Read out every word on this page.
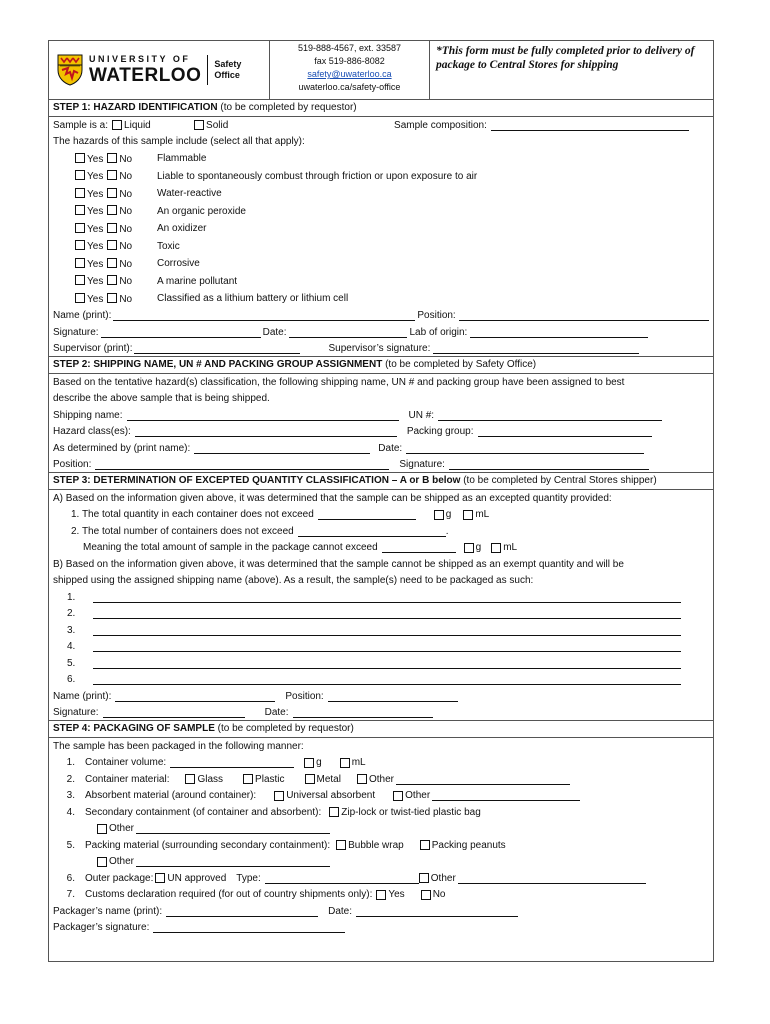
UNIVERSITY OF
WATERLOO
Safety
Office
519-888-4567, ext. 33587
fax 519-886-8082
safety@uwaterloo.ca
uwaterloo.ca/safety-office
*This form must be fully completed prior to delivery of package to Central Stores for shipping
STEP 1: HAZARD IDENTIFICATION (to be completed by requestor)
Sample is a: Liquid	Solid	Sample composition:
The hazards of this sample include (select all that apply):
Yes No	Flammable
Yes No	Liable to spontaneously combust through friction or upon exposure to air
Yes No	Water-reactive
Yes No	An organic peroxide
Yes No	An oxidizer
Yes No	Toxic
Yes No	Corrosive
Yes No	A marine pollutant
Yes No	Classified as a lithium battery or lithium cell
Name (print):	Position:
Signature:	Date:	Lab of origin:
Supervisor (print):	Supervisor’s signature:
STEP 2: SHIPPING NAME, UN # AND PACKING GROUP ASSIGNMENT (to be completed by Safety Office)
Based on the tentative hazard(s) classification, the following shipping name, UN # and packing group have been assigned to best
describe the above sample that is being shipped.
Shipping name:	UN #:
Hazard class(es):	Packing group:
As determined by (print name):	Date:
Position:	Signature:
STEP 3: DETERMINATION OF EXCEPTED QUANTITY CLASSIFICATION – A or B below (to be completed by Central Stores shipper)
A) Based on the information given above, it was determined that the sample can be shipped as an excepted quantity provided:
1. The total quantity in each container does not exceed	g mL
2. The total number of containers does not exceed	.
Meaning the total amount of sample in the package cannot exceed	g mL
B) Based on the information given above, it was determined that the sample cannot be shipped as an exempt quantity and will be
shipped using the assigned shipping name (above). As a result, the sample(s) need to be packaged as such:
1.
2.
3.
4.
5.
6.
Name (print):	Position:
Signature:	Date:
STEP 4: PACKAGING OF SAMPLE (to be completed by requestor)
The sample has been packaged in the following manner:
1. Container volume:	g	mL
2. Container material:	Glass	Plastic	Metal	Other
3. Absorbent material (around container):	Universal absorbent	Other
4. Secondary containment (of container and absorbent): Zip-lock or twist-tied plastic bag
Other
5. Packing material (surrounding secondary containment): Bubble wrap	Packing peanuts
Other
6. Outer package: UN approved Type:	Other
7. Customs declaration required (for out of country shipments only): Yes	No
Packager’s name (print):	Date:
Packager’s signature:
